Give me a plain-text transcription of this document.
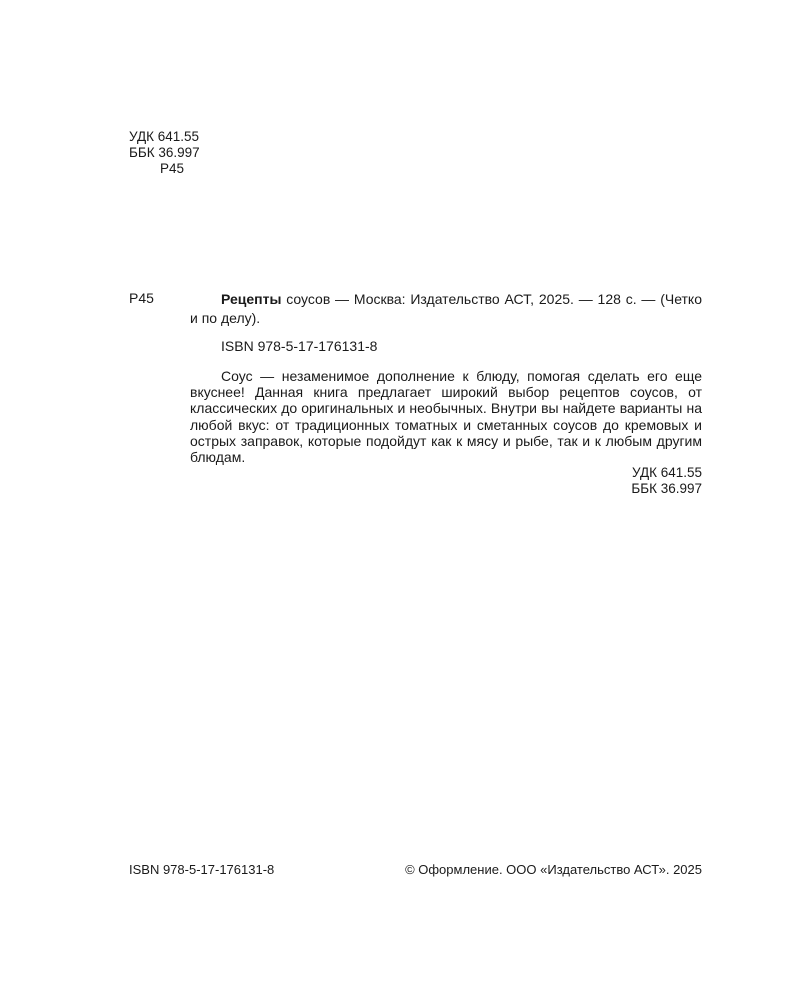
УДК 641.55
ББК 36.997
Р45
Р45	Рецепты соусов — Москва: Издательство АСТ, 2025. — 128 с. — (Четко и по делу).
ISBN 978-5-17-176131-8
Соус — незаменимое дополнение к блюду, помогая сделать его еще вкуснее! Данная книга предлагает широкий выбор рецептов соусов, от классических до оригинальных и необычных. Внутри вы найдете варианты на любой вкус: от традиционных томатных и сметанных соусов до кремовых и острых заправок, которые подойдут как к мясу и рыбе, так и к любым другим блюдам.
УДК 641.55
ББК 36.997
ISBN 978-5-17-176131-8	© Оформление. ООО «Издательство АСТ». 2025
